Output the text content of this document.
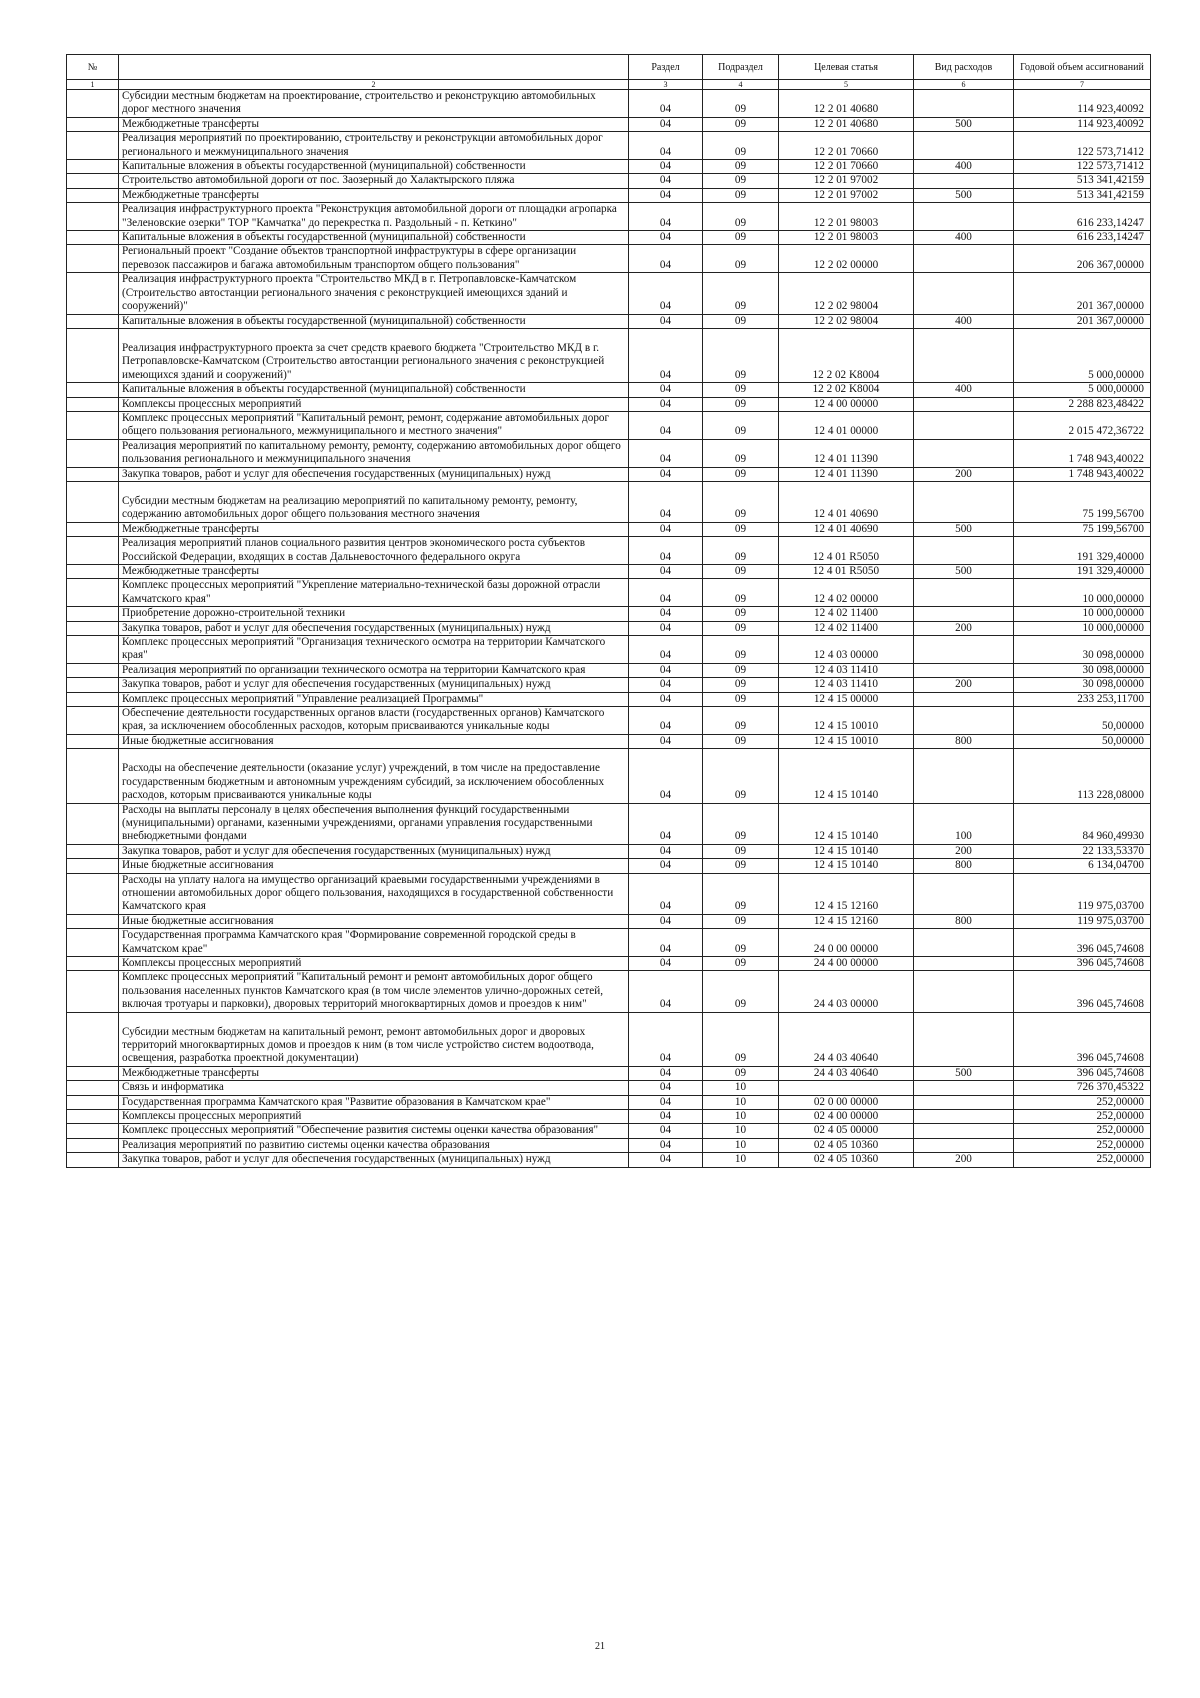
№		Раздел	Подраздел	Целевая статья	Вид расходов	Годовой объем ассигнований
1	2	3	4	5	6	7
	Субсидии местным бюджетам на проектирование, строительство и реконструкцию автомобильных дорог местного значения	04	09	12 2 01 40680		114 923,40092
	Межбюджетные трансферты	04	09	12 2 01 40680	500	114 923,40092
	Реализация мероприятий по проектированию, строительству и реконструкции автомобильных дорог регионального и межмуниципального значения	04	09	12 2 01 70660		122 573,71412
	Капитальные вложения в объекты государственной (муниципальной) собственности	04	09	12 2 01 70660	400	122 573,71412
	Строительство автомобильной дороги от пос. Заозерный до Халактырского пляжа	04	09	12 2 01 97002		513 341,42159
	Межбюджетные трансферты	04	09	12 2 01 97002	500	513 341,42159
	Реализация инфраструктурного проекта "Реконструкция автомобильной дороги от площадки агропарка "Зеленовские озерки" ТОР "Камчатка" до перекрестка п. Раздольный - п. Кеткино"	04	09	12 2 01 98003		616 233,14247
	Капитальные вложения в объекты государственной (муниципальной) собственности	04	09	12 2 01 98003	400	616 233,14247
	Региональный проект "Создание объектов транспортной инфраструктуры в сфере организации перевозок пассажиров и багажа автомобильным транспортом общего пользования"	04	09	12 2 02 00000		206 367,00000
	Реализация инфраструктурного проекта "Строительство МКД в г. Петропавловске-Камчатском (Строительство автостанции регионального значения с реконструкцией имеющихся зданий и сооружений)"	04	09	12 2 02 98004		201 367,00000
	Капитальные вложения в объекты государственной (муниципальной) собственности	04	09	12 2 02 98004	400	201 367,00000
	Реализация инфраструктурного проекта за счет средств краевого бюджета "Строительство МКД в г. Петропавловске-Камчатском (Строительство автостанции регионального значения с реконструкцией имеющихся зданий и сооружений)"	04	09	12 2 02 K8004		5 000,00000
	Капитальные вложения в объекты государственной (муниципальной) собственности	04	09	12 2 02 K8004	400	5 000,00000
	Комплексы процессных мероприятий	04	09	12 4 00 00000		2 288 823,48422
	Комплекс процессных мероприятий "Капитальный ремонт, ремонт, содержание автомобильных дорог общего пользования регионального, межмуниципального и местного значения"	04	09	12 4 01 00000		2 015 472,36722
	Реализация мероприятий по капитальному ремонту, ремонту, содержанию автомобильных дорог общего пользования регионального и межмуниципального значения	04	09	12 4 01 11390		1 748 943,40022
	Закупка товаров, работ и услуг для обеспечения государственных (муниципальных) нужд	04	09	12 4 01 11390	200	1 748 943,40022
	Субсидии местным бюджетам на реализацию мероприятий по капитальному ремонту, ремонту, содержанию автомобильных дорог общего пользования местного значения	04	09	12 4 01 40690		75 199,56700
	Межбюджетные трансферты	04	09	12 4 01 40690	500	75 199,56700
	Реализация мероприятий планов социального развития центров экономического роста субъектов Российской Федерации, входящих в состав Дальневосточного федерального округа	04	09	12 4 01 R5050		191 329,40000
	Межбюджетные трансферты	04	09	12 4 01 R5050	500	191 329,40000
	Комплекс процессных мероприятий "Укрепление материально-технической базы дорожной отрасли Камчатского края"	04	09	12 4 02 00000		10 000,00000
	Приобретение дорожно-строительной техники	04	09	12 4 02 11400		10 000,00000
	Закупка товаров, работ и услуг для обеспечения государственных (муниципальных) нужд	04	09	12 4 02 11400	200	10 000,00000
	Комплекс процессных мероприятий "Организация технического осмотра на территории Камчатского края"	04	09	12 4 03 00000		30 098,00000
	Реализация мероприятий по организации технического осмотра на территории Камчатского края	04	09	12 4 03 11410		30 098,00000
	Закупка товаров, работ и услуг для обеспечения государственных (муниципальных) нужд	04	09	12 4 03 11410	200	30 098,00000
	Комплекс процессных мероприятий "Управление реализацией Программы"	04	09	12 4 15 00000		233 253,11700
	Обеспечение деятельности государственных органов власти (государственных органов) Камчатского края, за исключением обособленных расходов, которым присваиваются уникальные коды	04	09	12 4 15 10010		50,00000
	Иные бюджетные ассигнования	04	09	12 4 15 10010	800	50,00000
	Расходы на обеспечение деятельности (оказание услуг) учреждений, в том числе на предоставление государственным бюджетным и автономным учреждениям субсидий, за исключением обособленных расходов, которым присваиваются уникальные коды	04	09	12 4 15 10140		113 228,08000
	Расходы на выплаты персоналу в целях обеспечения выполнения функций государственными (муниципальными) органами, казенными учреждениями, органами управления государственными внебюджетными фондами	04	09	12 4 15 10140	100	84 960,49930
	Закупка товаров, работ и услуг для обеспечения государственных (муниципальных) нужд	04	09	12 4 15 10140	200	22 133,53370
	Иные бюджетные ассигнования	04	09	12 4 15 10140	800	6 134,04700
	Расходы на уплату налога на имущество организаций краевыми государственными учреждениями в отношении автомобильных дорог общего пользования, находящихся в государственной собственности Камчатского края	04	09	12 4 15 12160		119 975,03700
	Иные бюджетные ассигнования	04	09	12 4 15 12160	800	119 975,03700
	Государственная программа Камчатского края "Формирование современной городской среды в Камчатском крае"	04	09	24 0 00 00000		396 045,74608
	Комплексы процессных мероприятий	04	09	24 4 00 00000		396 045,74608
	Комплекс процессных мероприятий "Капитальный ремонт и ремонт автомобильных дорог общего пользования населенных пунктов Камчатского края (в том числе элементов улично-дорожных сетей, включая тротуары и парковки), дворовых территорий многоквартирных домов и проездов к ним"	04	09	24 4 03 00000		396 045,74608
	Субсидии местным бюджетам на капитальный ремонт, ремонт автомобильных дорог и дворовых территорий многоквартирных домов и проездов к ним (в том числе устройство систем водоотвода, освещения, разработка проектной документации)	04	09	24 4 03 40640		396 045,74608
	Межбюджетные трансферты	04	09	24 4 03 40640	500	396 045,74608
	Связь и информатика	04	10			726 370,45322
	Государственная программа Камчатского края "Развитие образования в Камчатском крае"	04	10	02 0 00 00000		252,00000
	Комплексы процессных мероприятий	04	10	02 4 00 00000		252,00000
	Комплекс процессных мероприятий "Обеспечение развития системы оценки качества образования"	04	10	02 4 05 00000		252,00000
	Реализация мероприятий по развитию системы оценки качества образования	04	10	02 4 05 10360		252,00000
	Закупка товаров, работ и услуг для обеспечения государственных (муниципальных) нужд	04	10	02 4 05 10360	200	252,00000
21
